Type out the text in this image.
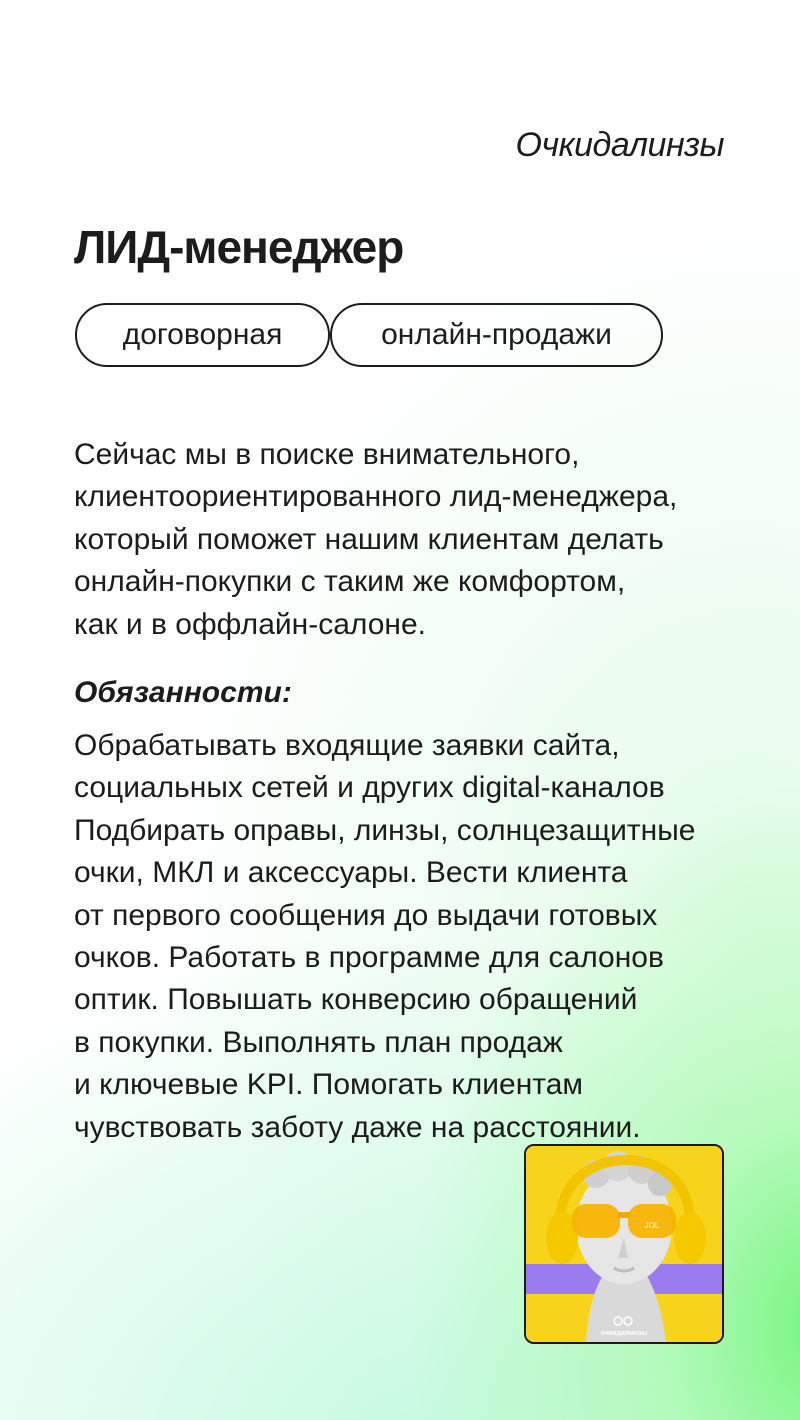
Очкидалинзы
ЛИД-менеджер
договорная	онлайн-продажи

Сейчас мы в поиске внимательного,
клиентоориентированного лид-менеджера,
который поможет нашим клиентам делать
онлайн-покупки с таким же комфортом,
как и в оффлайн-салоне.

Обязанности:

Обрабатывать входящие заявки сайта,
социальных сетей и других digital-каналов
Подбирать оправы, линзы, солнцезащитные
очки, МКЛ и аксессуары. Вести клиента
от первого сообщения до выдачи готовых
очков. Работать в программе для салонов
оптик. Повышать конверсию обращений
в покупки. Выполнять план продаж
и ключевые KPI. Помогать клиентам
чувствовать заботу даже на расстоянии.

JOL
очкидалинзы
